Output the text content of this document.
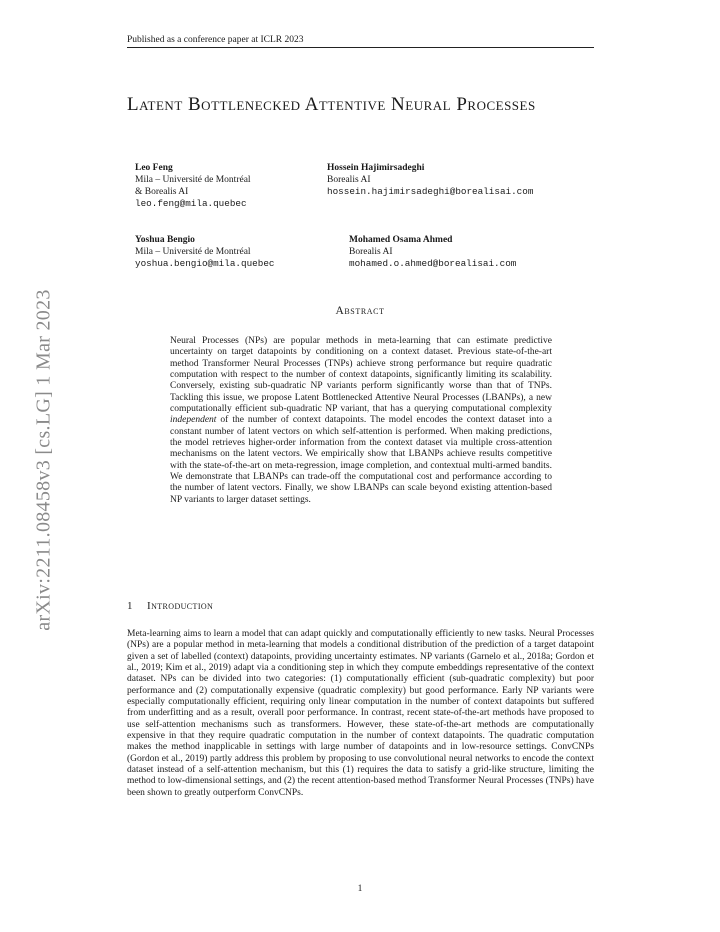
Published as a conference paper at ICLR 2023
Latent Bottlenecked Attentive Neural Processes
Leo Feng
Mila – Université de Montréal
& Borealis AI
leo.feng@mila.quebec
Hossein Hajimirsadeghi
Borealis AI
hossein.hajimirsadeghi@borealisai.com
Yoshua Bengio
Mila – Université de Montréal
yoshua.bengio@mila.quebec
Mohamed Osama Ahmed
Borealis AI
mohamed.o.ahmed@borealisai.com
arXiv:2211.08458v3 [cs.LG] 1 Mar 2023	Abstract
Neural Processes (NPs) are popular methods in meta-learning that can estimate predictive uncertainty on target datapoints by conditioning on a context dataset. Previous state-of-the-art method Transformer Neural Processes (TNPs) achieve strong performance but require quadratic computation with respect to the number of context datapoints, significantly limiting its scalability. Conversely, existing sub-quadratic NP variants perform significantly worse than that of TNPs. Tackling this issue, we propose Latent Bottlenecked Attentive Neural Processes (LBANPs), a new computationally efficient sub-quadratic NP variant, that has a querying computational complexity independent of the number of context datapoints. The model encodes the context dataset into a constant number of latent vectors on which self-attention is performed. When making predictions, the model retrieves higher-order information from the context dataset via multiple cross-attention mechanisms on the latent vectors. We empirically show that LBANPs achieve results competitive with the state-of-the-art on meta-regression, image completion, and contextual multi-armed bandits. We demonstrate that LBANPs can trade-off the computational cost and performance according to the number of latent vectors. Finally, we show LBANPs can scale beyond existing attention-based NP variants to larger dataset settings.
1 Introduction
Meta-learning aims to learn a model that can adapt quickly and computationally efficiently to new tasks. Neural Processes (NPs) are a popular method in meta-learning that models a conditional distribution of the prediction of a target datapoint given a set of labelled (context) datapoints, providing uncertainty estimates. NP variants (Garnelo et al., 2018a; Gordon et al., 2019; Kim et al., 2019) adapt via a conditioning step in which they compute embeddings representative of the context dataset. NPs can be divided into two categories: (1) computationally efficient (sub-quadratic complexity) but poor performance and (2) computationally expensive (quadratic complexity) but good performance. Early NP variants were especially computationally efficient, requiring only linear computation in the number of context datapoints but suffered from underfitting and as a result, overall poor performance. In contrast, recent state-of-the-art methods have proposed to use self-attention mechanisms such as transformers. However, these state-of-the-art methods are computationally expensive in that they require quadratic computation in the number of context datapoints. The quadratic computation makes the method inapplicable in settings with large number of datapoints and in low-resource settings. ConvCNPs (Gordon et al., 2019) partly address this problem by proposing to use convolutional neural networks to encode the context dataset instead of a self-attention mechanism, but this (1) requires the data to satisfy a grid-like structure, limiting the method to low-dimensional settings, and (2) the recent attention-based method Transformer Neural Processes (TNPs) have been shown to greatly outperform ConvCNPs.
1
